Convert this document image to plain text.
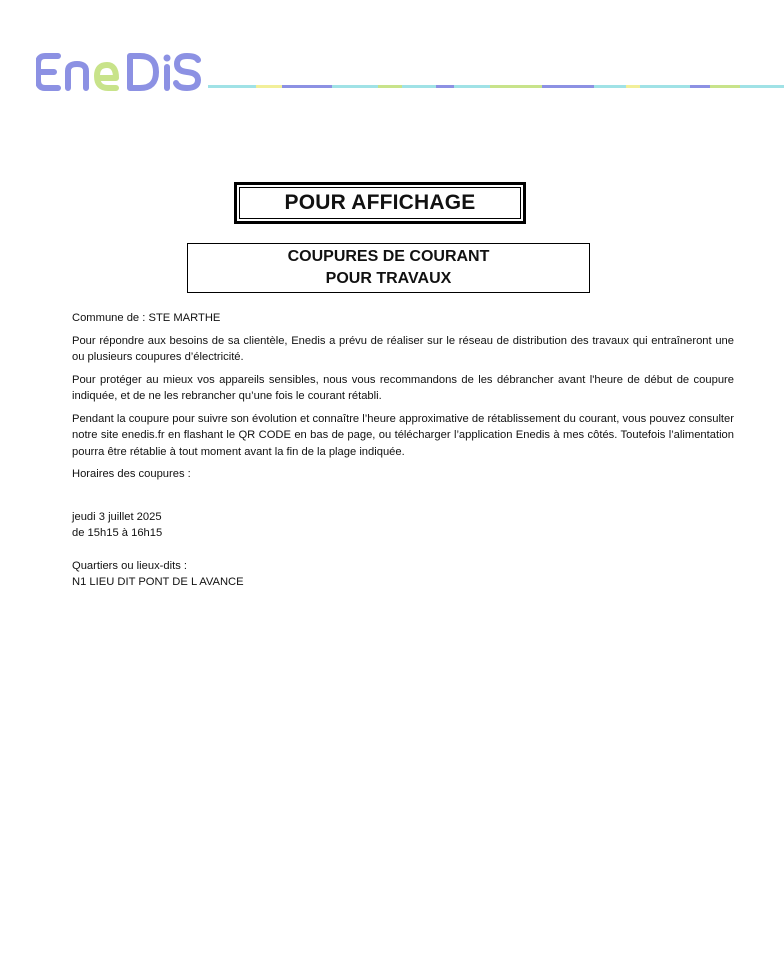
POUR AFFICHAGE
COUPURES DE COURANT
POUR TRAVAUX

Commune de : STE MARTHE

Pour répondre aux besoins de sa clientèle, Enedis a prévu de réaliser sur le réseau de distribution des travaux qui entraîneront une ou plusieurs coupures d’électricité.

Pour protéger au mieux vos appareils sensibles, nous vous recommandons de les débrancher avant l'heure de début de coupure indiquée, et de ne les rebrancher qu’une fois le courant rétabli.

Pendant la coupure pour suivre son évolution et connaître l’heure approximative de rétablissement du courant, vous pouvez consulter notre site enedis.fr en flashant le QR CODE en bas de page, ou télécharger l’application Enedis à mes côtés. Toutefois l’alimentation pourra être rétablie à tout moment avant la fin de la plage indiquée.

Horaires des coupures :

jeudi 3 juillet 2025

de 15h15 à 16h15

Quartiers ou lieux-dits :

N1 LIEU DIT PONT DE L AVANCE
